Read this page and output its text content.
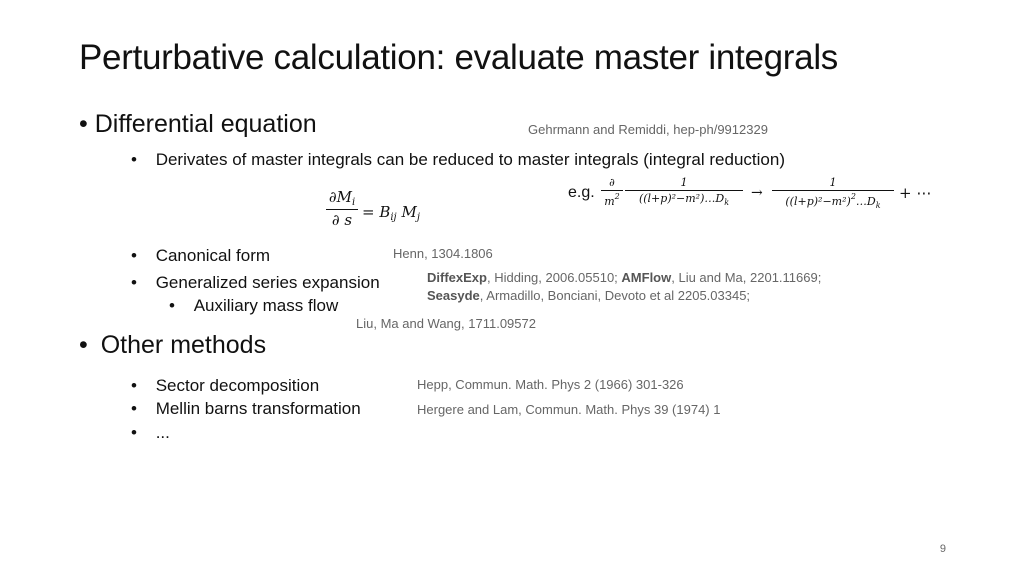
Perturbative calculation: evaluate master integrals
• Differential equation	Gehrmann and Remiddi, hep-ph/9912329
• Derivates of master integrals can be reduced to master integrals (integral reduction)
$\partial M_i$
∂ $s = B_{ij}$ $M_j$
e.g.
∂
$m^2$
1
$((l+p)^2-m^2)\dots D_k$
→
1
$((l+p)^2-m^2)^2\dots D_k$
+ ⋯
• Canonical form	Henn, 1304.1806
• Generalized series expansion	DiffexExp, Hidding, 2006.05510; AMFlow, Liu and Ma, 2201.11669;
Seasyde, Armadillo, Bonciani, Devoto et al 2205.03345;
• Auxiliary mass flow
Liu, Ma and Wang, 1711.09572
• Other methods
• Sector decomposition	Hepp, Commun. Math. Phys 2 (1966) 301-326
• Mellin barns transformation	Hergere and Lam, Commun. Math. Phys 39 (1974) 1
• ...
9
